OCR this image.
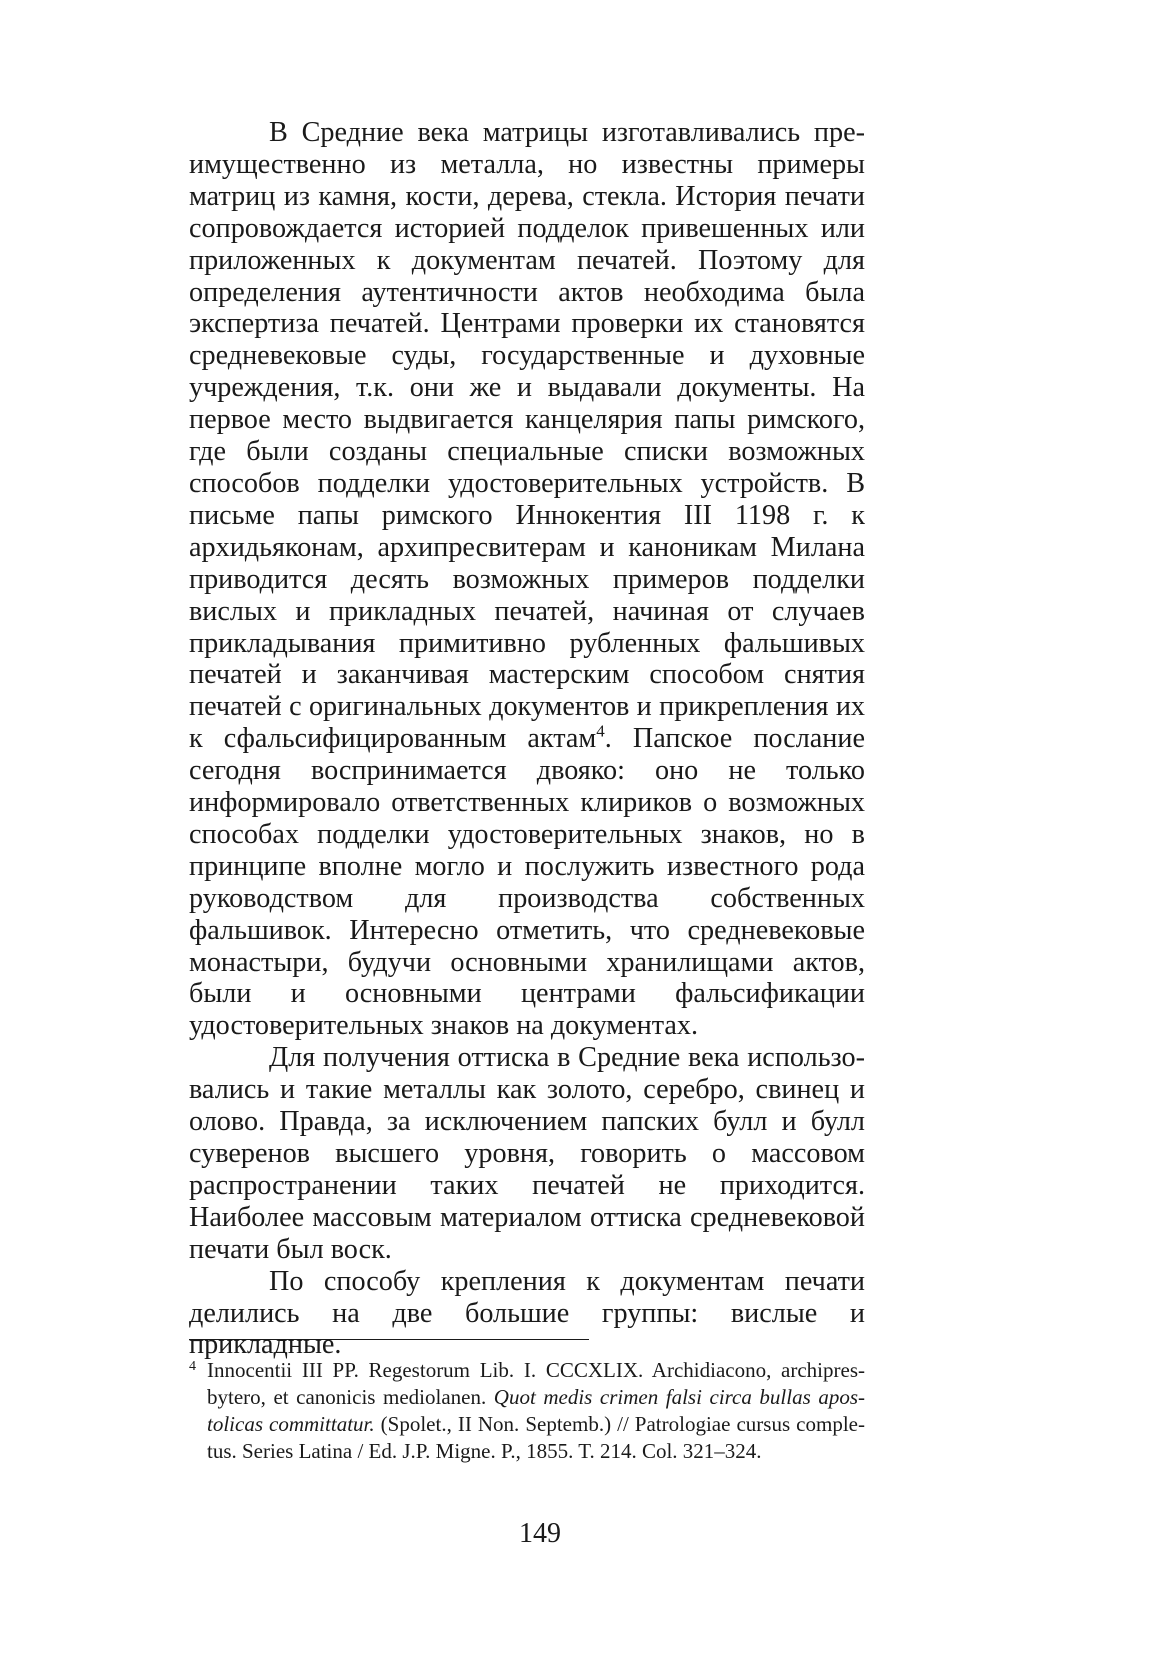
В Средние века матрицы изготавливались преимущественно из металла, но известны примеры матриц из камня, кости, дерева, стекла. История печати сопровождается историей подделок привешенных или приложенных к документам печатей. Поэтому для определения аутентичности актов необходима была экспертиза печатей. Центрами проверки их становятся средневековые суды, государственные и духовные учреждения, т.к. они же и выдавали документы. На первое место выдвигается канцелярия папы римского, где были созданы специальные списки возможных способов подделки удостоверительных устройств. В письме папы римского Иннокентия III 1198 г. к архидьяконам, архипресвитерам и каноникам Милана приводится десять возможных примеров подделки вислых и прикладных печатей, начиная от случаев прикладывания примитивно рубленных фальшивых печатей и заканчивая мастерским способом снятия печатей с оригинальных документов и прикрепления их к сфальсифицированным актам$^4$. Папское послание сегодня воспринимается двояко: оно не только информировало ответственных клириков о возможных способах подделки удостоверительных знаков, но в принципе вполне могло и послужить известного рода руководством для производства собственных фальшивок. Интересно отметить, что средневековые монастыри, будучи основными хранилищами актов, были и основными центрами фальсификации удостоверительных знаков на документах.

Для получения оттиска в Средние века использовались и такие металлы как золото, серебро, свинец и олово. Правда, за исключением папских булл и булл суверенов высшего уровня, говорить о массовом распространении таких печатей не приходится. Наиболее массовым материалом оттиска средневековой печати был воск.

По способу крепления к документам печати делились на две большие группы: вислые и прикладные.

4 Innocentii III PP. Regestorum Lib. I. CCCXLIX. Archidiacono, archipresbytero, et canonicis mediolanen. Quot medis crimen falsi circa bullas apostolicas committatur. (Spolet., II Non. Septemb.) // Patrologiae cursus completus. Series Latina / Ed. J.P. Migne. P., 1855. T. 214. Col. 321–324.
149
